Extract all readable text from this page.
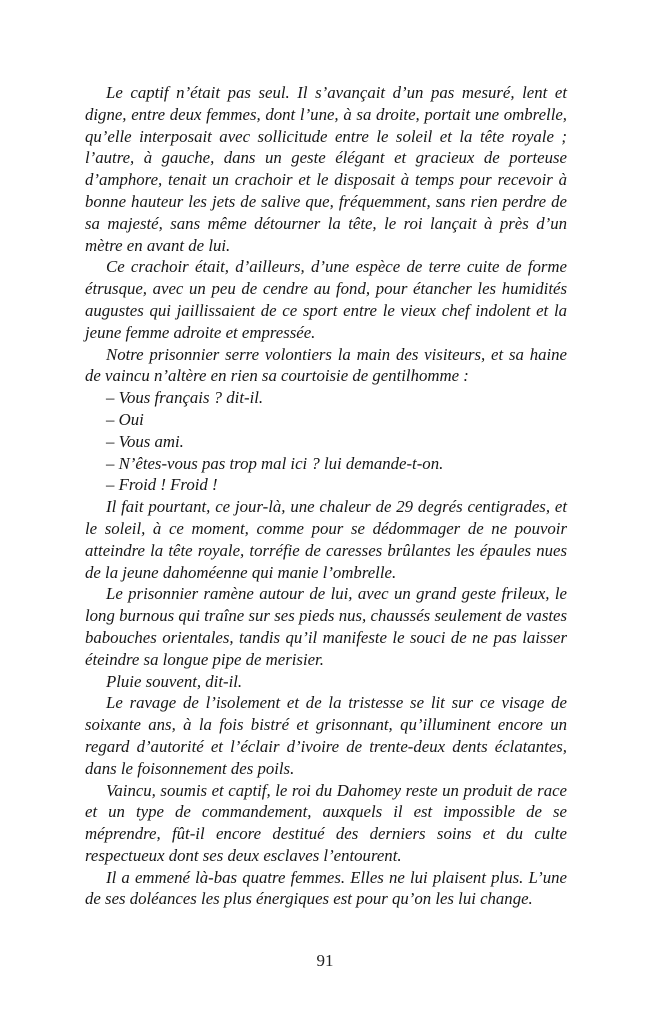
Le captif n’était pas seul. Il s’avançait d’un pas mesuré, lent et digne, entre deux femmes, dont l’une, à sa droite, portait une ombrelle, qu’elle interposait avec sollicitude entre le soleil et la tête royale ; l’autre, à gauche, dans un geste élégant et gracieux de porteuse d’amphore, tenait un crachoir et le disposait à temps pour recevoir à bonne hauteur les jets de salive que, fréquemment, sans rien perdre de sa majesté, sans même détourner la tête, le roi lançait à près d’un mètre en avant de lui.

Ce crachoir était, d’ailleurs, d’une espèce de terre cuite de forme étrusque, avec un peu de cendre au fond, pour étancher les humidités augustes qui jaillissaient de ce sport entre le vieux chef indolent et la jeune femme adroite et empressée.

Notre prisonnier serre volontiers la main des visiteurs, et sa haine de vaincu n’altère en rien sa courtoisie de gentilhomme :

– Vous français ? dit-il.

– Oui

– Vous ami.

– N’êtes-vous pas trop mal ici ? lui demande-t-on.

– Froid ! Froid !

Il fait pourtant, ce jour-là, une chaleur de 29 degrés centigrades, et le soleil, à ce moment, comme pour se dédommager de ne pouvoir atteindre la tête royale, torréfie de caresses brûlantes les épaules nues de la jeune dahoméenne qui manie l’ombrelle.

Le prisonnier ramène autour de lui, avec un grand geste frileux, le long burnous qui traîne sur ses pieds nus, chaussés seulement de vastes babouches orientales, tandis qu’il manifeste le souci de ne pas laisser éteindre sa longue pipe de merisier.

Pluie souvent, dit-il.

Le ravage de l’isolement et de la tristesse se lit sur ce visage de soixante ans, à la fois bistré et grisonnant, qu’illuminent encore un regard d’autorité et l’éclair d’ivoire de trente-deux dents éclatantes, dans le foisonnement des poils.

Vaincu, soumis et captif, le roi du Dahomey reste un produit de race et un type de commandement, auxquels il est impossible de se méprendre, fût-il encore destitué des derniers soins et du culte respectueux dont ses deux esclaves l’entourent.

Il a emmené là-bas quatre femmes. Elles ne lui plaisent plus. L’une de ses doléances les plus énergiques est pour qu’on les lui change.

91
